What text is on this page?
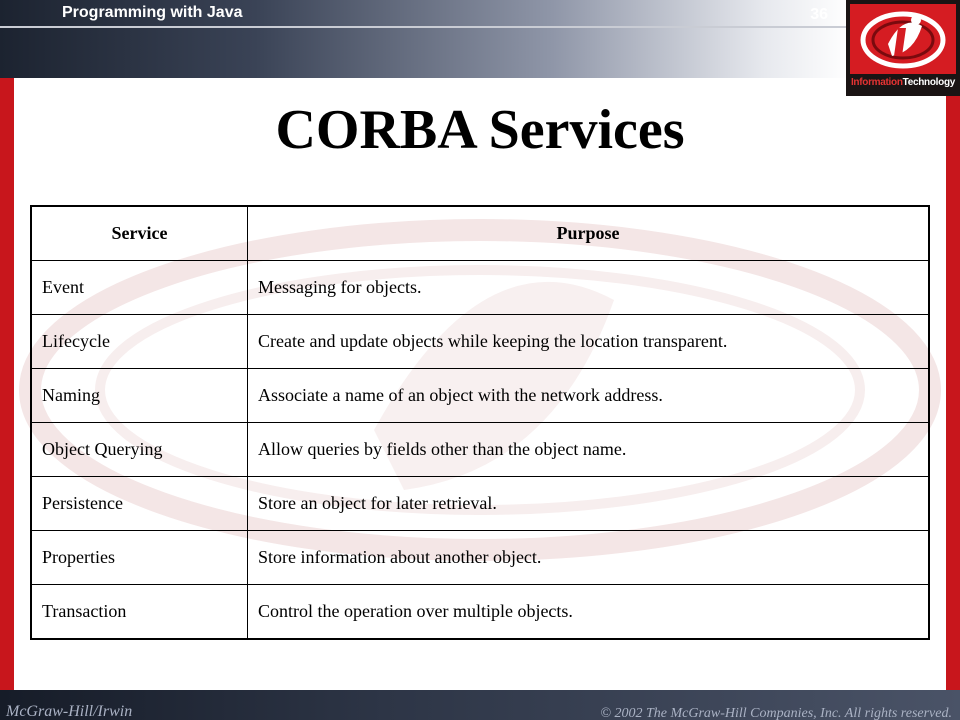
Programming with Java	36
InformationTechnology
CORBA Services
Service	Purpose
Event	Messaging for objects.
Lifecycle	Create and update objects while keeping the location transparent.
Naming	Associate a name of an object with the network address.
Object Querying	Allow queries by fields other than the object name.
Persistence	Store an object for later retrieval.
Properties	Store information about another object.
Transaction	Control the operation over multiple objects.
McGraw-Hill/Irwin	© 2002 The McGraw-Hill Companies, Inc. All rights reserved.
